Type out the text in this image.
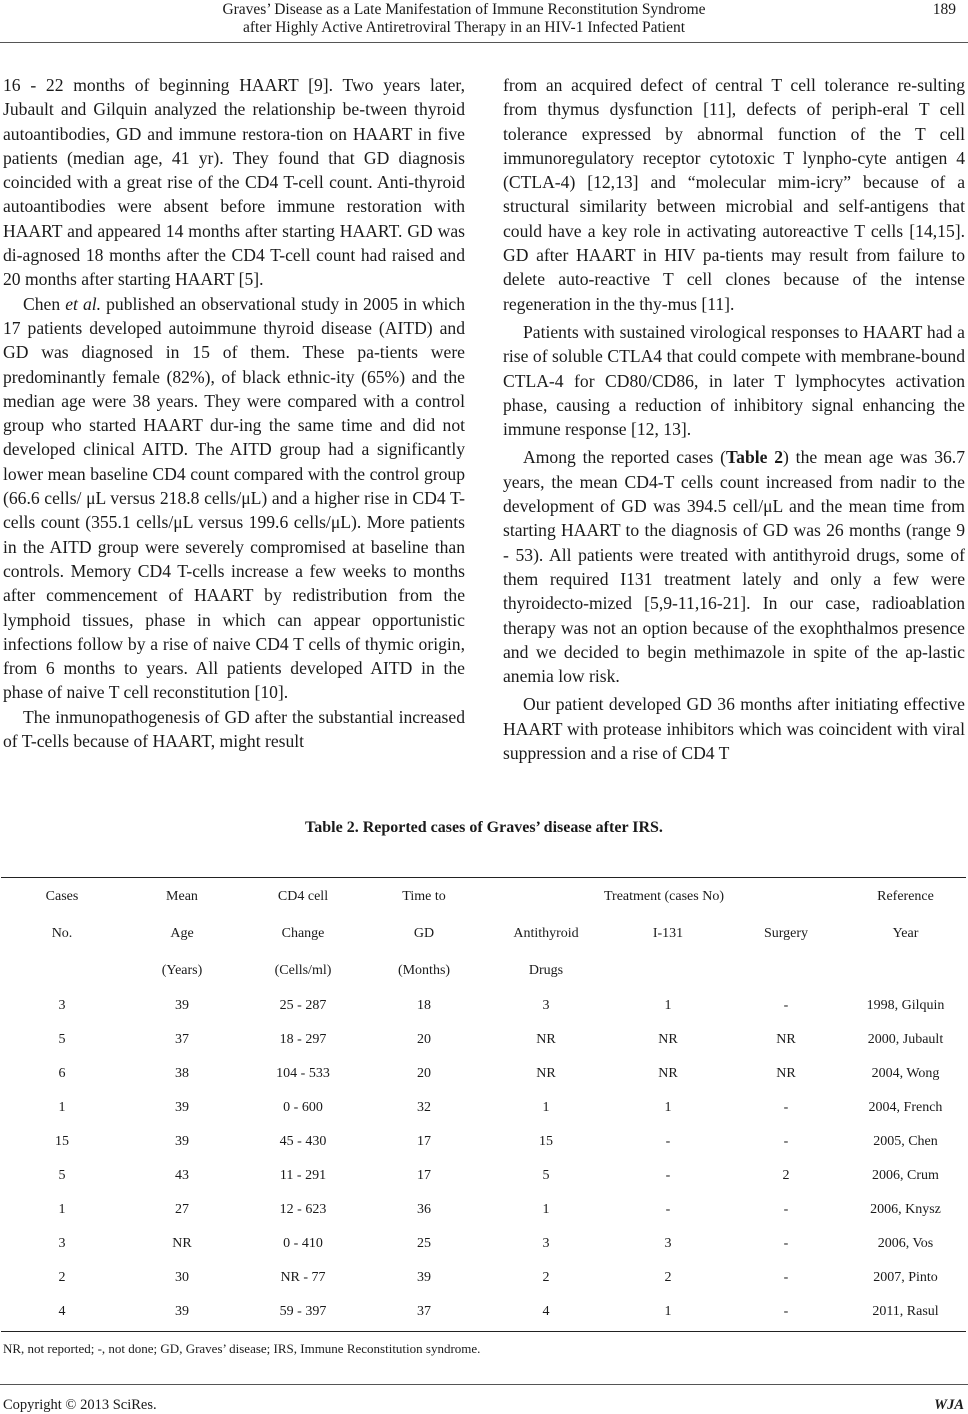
Graves’ Disease as a Late Manifestation of Immune Reconstitution Syndrome
after Highly Active Antiretroviral Therapy in an HIV-1 Infected Patient
189

16 - 22 months of beginning HAART [9]. Two years later, Jubault and Gilquin analyzed the relationship be-tween thyroid autoantibodies, GD and immune restora-tion on HAART in five patients (median age, 41 yr). They found that GD diagnosis coincided with a great rise of the CD4 T-cell count. Anti-thyroid autoantibodies were absent before immune restoration with HAART and appeared 14 months after starting HAART. GD was di-agnosed 18 months after the CD4 T-cell count had raised and 20 months after starting HAART [5].

Chen et al. published an observational study in 2005 in which 17 patients developed autoimmune thyroid disease (AITD) and GD was diagnosed in 15 of them. These pa-tients were predominantly female (82%), of black ethnic-ity (65%) and the median age were 38 years. They were compared with a control group who started HAART dur-ing the same time and did not developed clinical AITD. The AITD group had a significantly lower mean baseline CD4 count compared with the control group (66.6 cells/ μL versus 218.8 cells/μL) and a higher rise in CD4 T-cells count (355.1 cells/μL versus 199.6 cells/μL). More patients in the AITD group were severely compromised at baseline than controls. Memory CD4 T-cells increase a few weeks to months after commencement of HAART by redistribution from the lymphoid tissues, phase in which can appear opportunistic infections follow by a rise of naive CD4 T cells of thymic origin, from 6 months to years. All patients developed AITD in the phase of naive T cell reconstitution [10].

The inmunopathogenesis of GD after the substantial increased of T-cells because of HAART, might result

from an acquired defect of central T cell tolerance re-sulting from thymus dysfunction [11], defects of periph-eral T cell tolerance expressed by abnormal function of the T cell immunoregulatory receptor cytotoxic T lynpho-cyte antigen 4 (CTLA-4) [12,13] and “molecular mim-icry” because of a structural similarity between microbial and self-antigens that could have a key role in activating autoreactive T cells [14,15]. GD after HAART in HIV pa-tients may result from failure to delete auto-reactive T cell clones because of the intense regeneration in the thy-mus [11].

Patients with sustained virological responses to HAART had a rise of soluble CTLA4 that could compete with membrane-bound CTLA-4 for CD80/CD86, in later T lymphocytes activation phase, causing a reduction of inhibitory signal enhancing the immune response [12, 13].

Among the reported cases (Table 2) the mean age was 36.7 years, the mean CD4-T cells count increased from nadir to the development of GD was 394.5 cell/μL and the mean time from starting HAART to the diagnosis of GD was 26 months (range 9 - 53). All patients were treated with antithyroid drugs, some of them required I131 treatment lately and only a few were thyroidecto-mized [5,9-11,16-21]. In our case, radioablation therapy was not an option because of the exophthalmos presence and we decided to begin methimazole in spite of the ap-lastic anemia low risk.

Our patient developed GD 36 months after initiating effective HAART with protease inhibitors which was coincident with viral suppression and a rise of CD4 T

Table 2. Reported cases of Graves’ disease after IRS.
Cases	Mean	CD4 cell	Time to	Treatment (cases No)			Reference
No.	Age	Change	GD	Antithyroid	I-131	Surgery	Year
	(Years)	(Cells/ml)	(Months)	Drugs			
3	39	25 - 287	18	3	1	-	1998, Gilquin
5	37	18 - 297	20	NR	NR	NR	2000, Jubault
6	38	104 - 533	20	NR	NR	NR	2004, Wong
1	39	0 - 600	32	1	1	-	2004, French
15	39	45 - 430	17	15	-	-	2005, Chen
5	43	11 - 291	17	5	-	2	2006, Crum
1	27	12 - 623	36	1	-	-	2006, Knysz
3	NR	0 - 410	25	3	3	-	2006, Vos
2	30	NR - 77	39	2	2	-	2007, Pinto
4	39	59 - 397	37	4	1	-	2011, Rasul
NR, not reported; -, not done; GD, Graves’ disease; IRS, Immune Reconstitution syndrome.
Copyright © 2013 SciRes.	WJA
